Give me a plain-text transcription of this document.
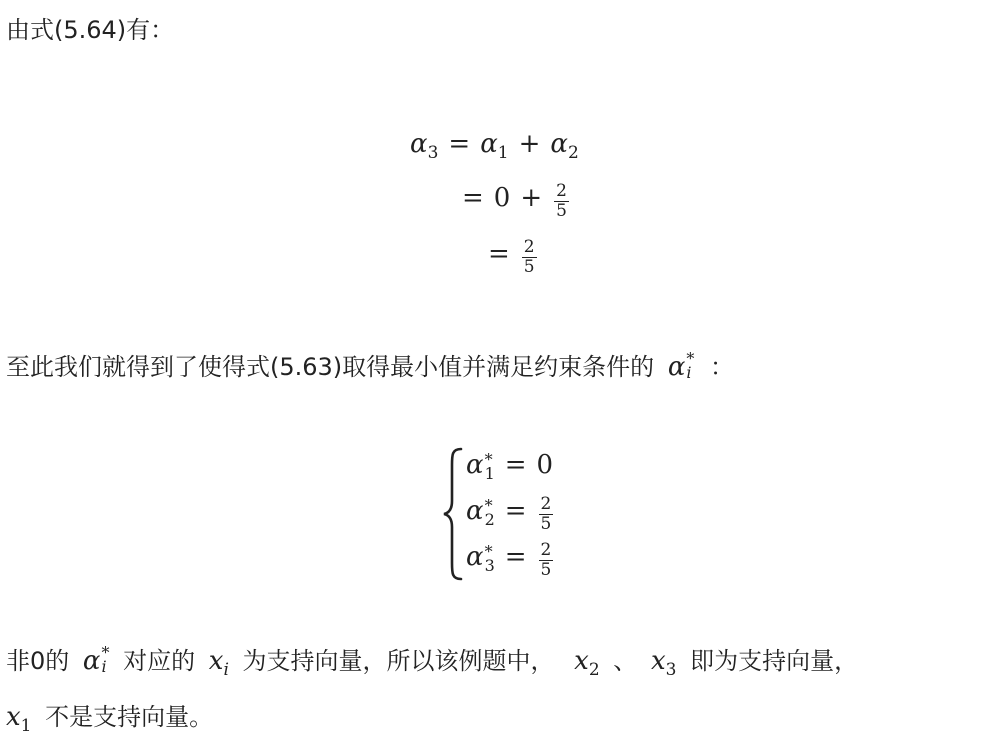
由式(5.64)有：
α3 = α1 + α2
= $0 + \frac{2}{5}$
= $\frac{2}{5}$
至此我们就得到了使得式(5.63)取得最小值并满足约束条件的 α *
i ：
α *
1 = 0
α *
$2 = \frac{2}{5}$
α *
$3 = \frac{2}{5}$
非0的 α *
i 对应的 $x_i$ 为支持向量，所以该例题中， $x_2$ 、 $x_3$ 即为支持向量，
$x_1$ 不是支持向量。
